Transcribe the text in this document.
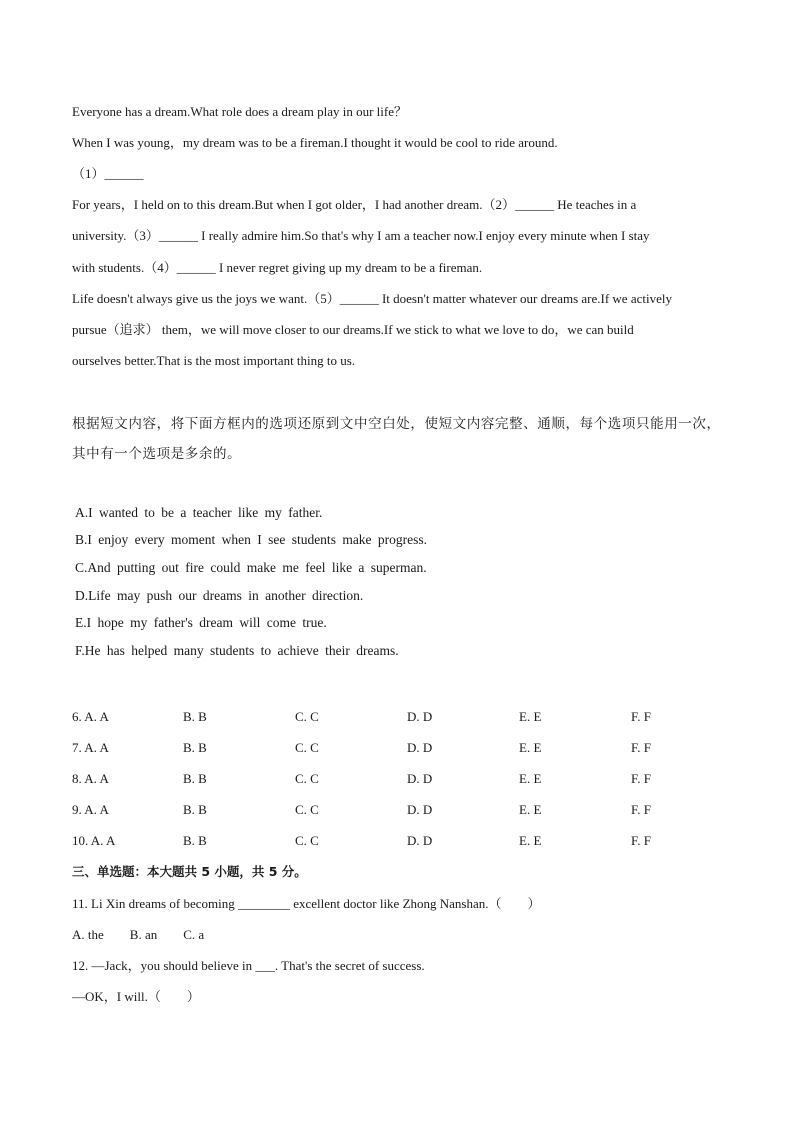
Everyone has a dream.What role does a dream play in our life？
When I was young，my dream was to be a fireman.I thought it would be cool to ride around.
（1）______
For years，I held on to this dream.But when I got older，I had another dream.（2）______ He teaches in a
university.（3）______ I really admire him.So that's why I am a teacher now.I enjoy every minute when I stay
with students.（4）______ I never regret giving up my dream to be a fireman.
Life doesn't always give us the joys we want.（5）______ It doesn't matter whatever our dreams are.If we actively
pursue（追求） them，we will move closer to our dreams.If we stick to what we love to do，we can build
ourselves better.That is the most important thing to us.
根据短文内容，将下面方框内的选项还原到文中空白处，使短文内容完整、通顺，每个选项只能用一次，
其中有一个选项是多余的。
A.I wanted to be a teacher like my father.
B.I enjoy every moment when I see students make progress.
C.And putting out fire could make me feel like a superman.
D.Life may push our dreams in another direction.
E.I hope my father's dream will come true.
F.He has helped many students to achieve their dreams.
6. A. A	B. B	C. C	D. D	E. E	F. F
7. A. A	B. B	C. C	D. D	E. E	F. F
8. A. A	B. B	C. C	D. D	E. E	F. F
9. A. A	B. B	C. C	D. D	E. E	F. F
10. A. A	B. B	C. C	D. D	E. E	F. F
三、单选题：本大题共 5 小题，共 5 分。
11. Li Xin dreams of becoming ________ excellent doctor like Zhong Nanshan.（　　）
A. the　　B. an　　C. a
12. —Jack，you should believe in ___. That's the secret of success.
—OK，I will.（　　）
